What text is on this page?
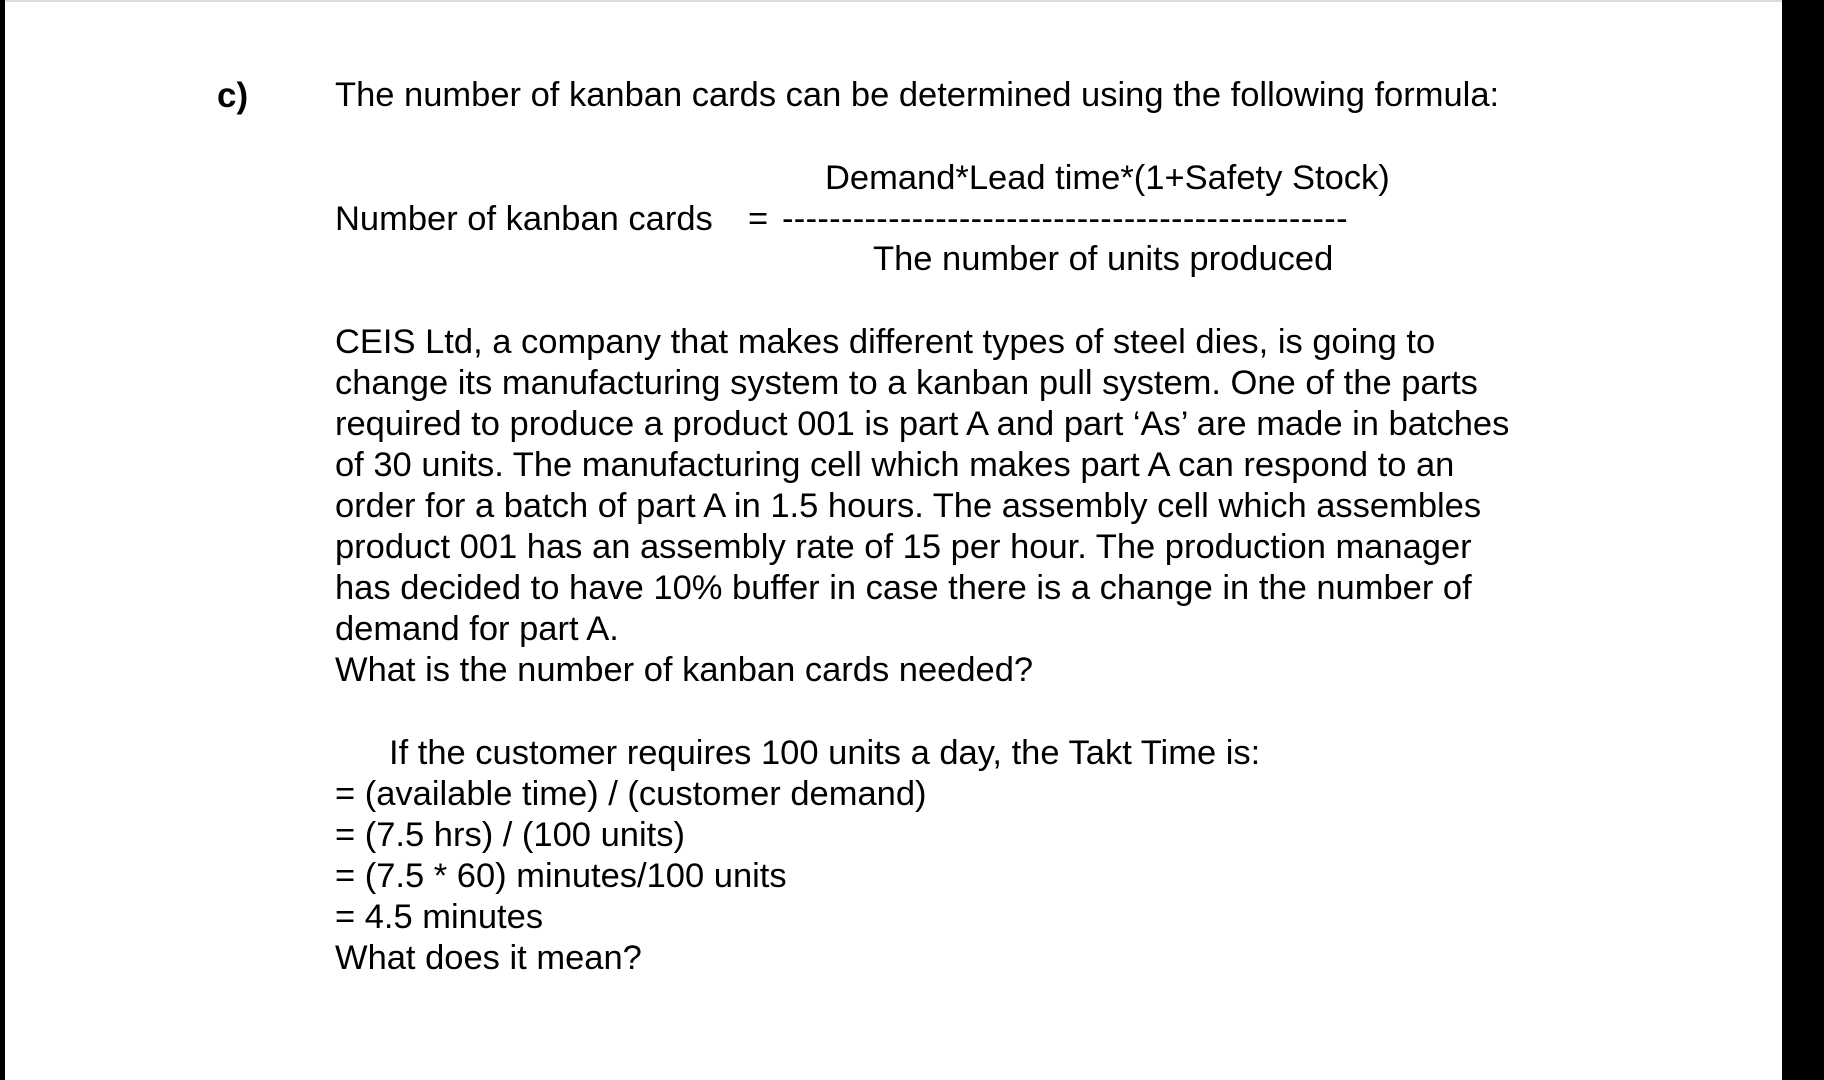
c)	The number of kanban cards can be determined using the following formula:
Demand*Lead time*(1+Safety Stock)
Number of kanban cards = ------------------------------------------------
The number of units produced
CEIS Ltd, a company that makes different types of steel dies, is going to
change its manufacturing system to a kanban pull system. One of the parts
required to produce a product 001 is part A and part ‘As’ are made in batches
of 30 units. The manufacturing cell which makes part A can respond to an
order for a batch of part A in 1.5 hours. The assembly cell which assembles
product 001 has an assembly rate of 15 per hour. The production manager
has decided to have 10% buffer in case there is a change in the number of
demand for part A.
What is the number of kanban cards needed?
If the customer requires 100 units a day, the Takt Time is:
= (available time) / (customer demand)
= (7.5 hrs) / (100 units)
= (7.5 * 60) minutes/100 units
= 4.5 minutes
What does it mean?
